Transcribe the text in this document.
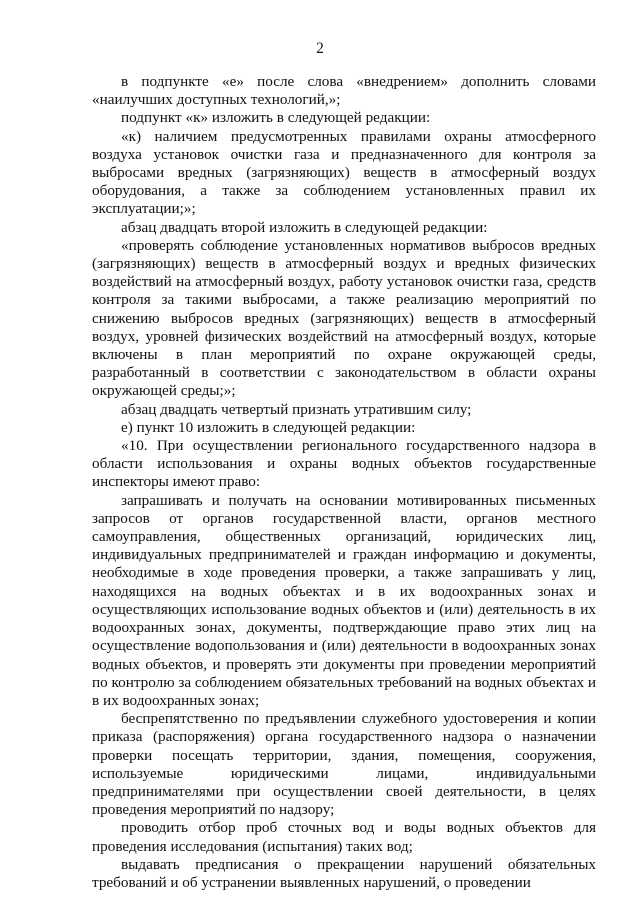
2

в подпункте «е» после слова «внедрением» дополнить словами «наилучших доступных технологий,»;

подпункт «к» изложить в следующей редакции:

«к) наличием предусмотренных правилами охраны атмосферного воздуха установок очистки газа и предназначенного для контроля за выбросами вредных (загрязняющих) веществ в атмосферный воздух оборудования, а также за соблюдением установленных правил их эксплуатации;»;

абзац двадцать второй изложить в следующей редакции:

«проверять соблюдение установленных нормативов выбросов вредных (загрязняющих) веществ в атмосферный воздух и вредных физических воздействий на атмосферный воздух, работу установок очистки газа, средств контроля за такими выбросами, а также реализацию мероприятий по снижению выбросов вредных (загрязняющих) веществ в атмосферный воздух, уровней физических воздействий на атмосферный воздух, которые включены в план мероприятий по охране окружающей среды, разработанный в соответствии с законодательством в области охраны окружающей среды;»;

абзац двадцать четвертый признать утратившим силу;

е) пункт 10 изложить в следующей редакции:

«10. При осуществлении регионального государственного надзора в области использования и охраны водных объектов государственные инспекторы имеют право:

запрашивать и получать на основании мотивированных письменных запросов от органов государственной власти, органов местного самоуправления, общественных организаций, юридических лиц, индивидуальных предпринимателей и граждан информацию и документы, необходимые в ходе проведения проверки, а также запрашивать у лиц, находящихся на водных объектах и в их водоохранных зонах и осуществляющих использование водных объектов и (или) деятельность в их водоохранных зонах, документы, подтверждающие право этих лиц на осуществление водопользования и (или) деятельности в водоохранных зонах водных объектов, и проверять эти документы при проведении мероприятий по контролю за соблюдением обязательных требований на водных объектах и в их водоохранных зонах;

беспрепятственно по предъявлении служебного удостоверения и копии приказа (распоряжения) органа государственного надзора о назначении проверки посещать территории, здания, помещения, сооружения, используемые юридическими лицами, индивидуальными предпринимателями при осуществлении своей деятельности, в целях проведения мероприятий по надзору;

проводить отбор проб сточных вод и воды водных объектов для проведения исследования (испытания) таких вод;

выдавать предписания о прекращении нарушений обязательных требований и об устранении выявленных нарушений, о проведении
